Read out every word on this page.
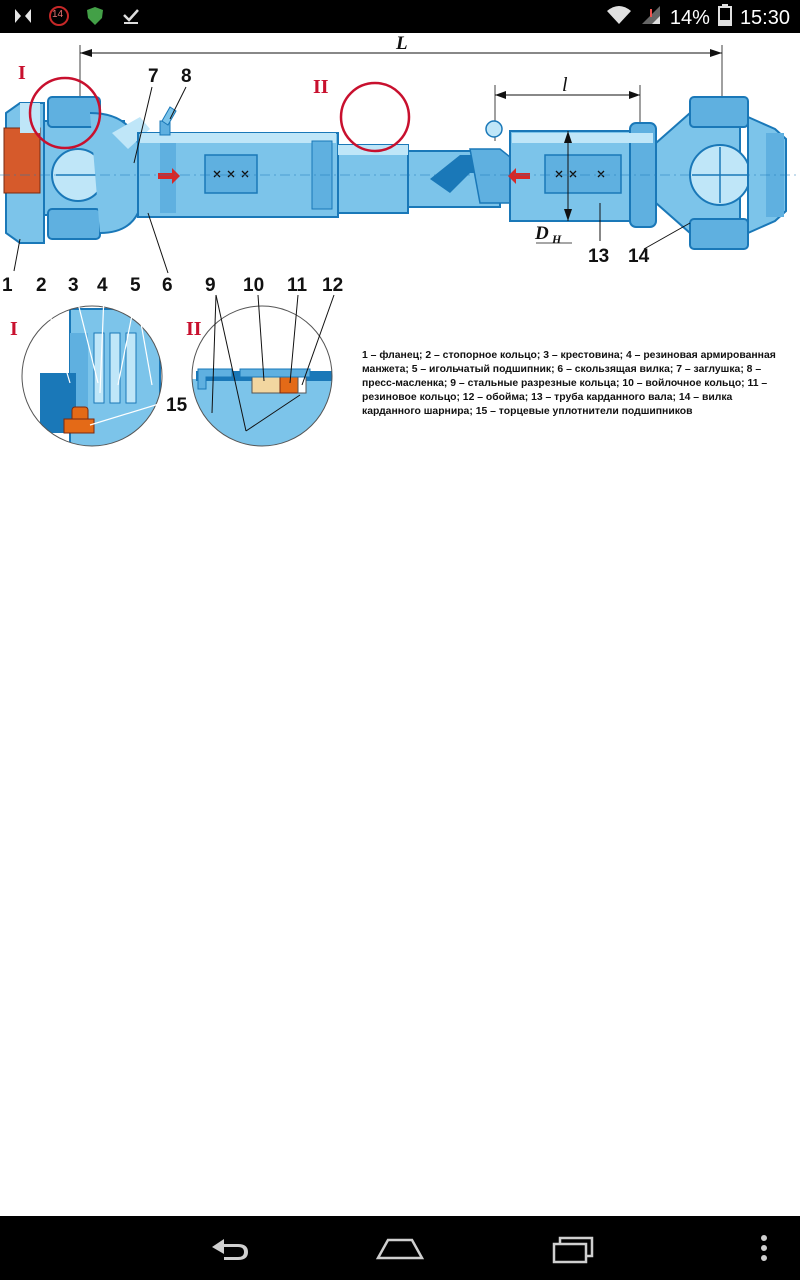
14	14% 15:30
L
l
I
II
D H
1
7 8
6
13 14
2 3 4 5	9 10 11 12
15
I	II
1 – фланец; 2 – стопорное кольцо; 3 – крестовина; 4 – резиновая армированная манжета; 5 – игольчатый подшипник; 6 – скользящая вилка; 7 – заглушка; 8 – пресс-масленка; 9 – стальные разрезные кольца; 10 – войлочное кольцо; 11 – резиновое кольцо; 12 – обойма; 13 – труба карданного вала; 14 – вилка карданного шарнира; 15 – торцевые уплотнители подшипников
